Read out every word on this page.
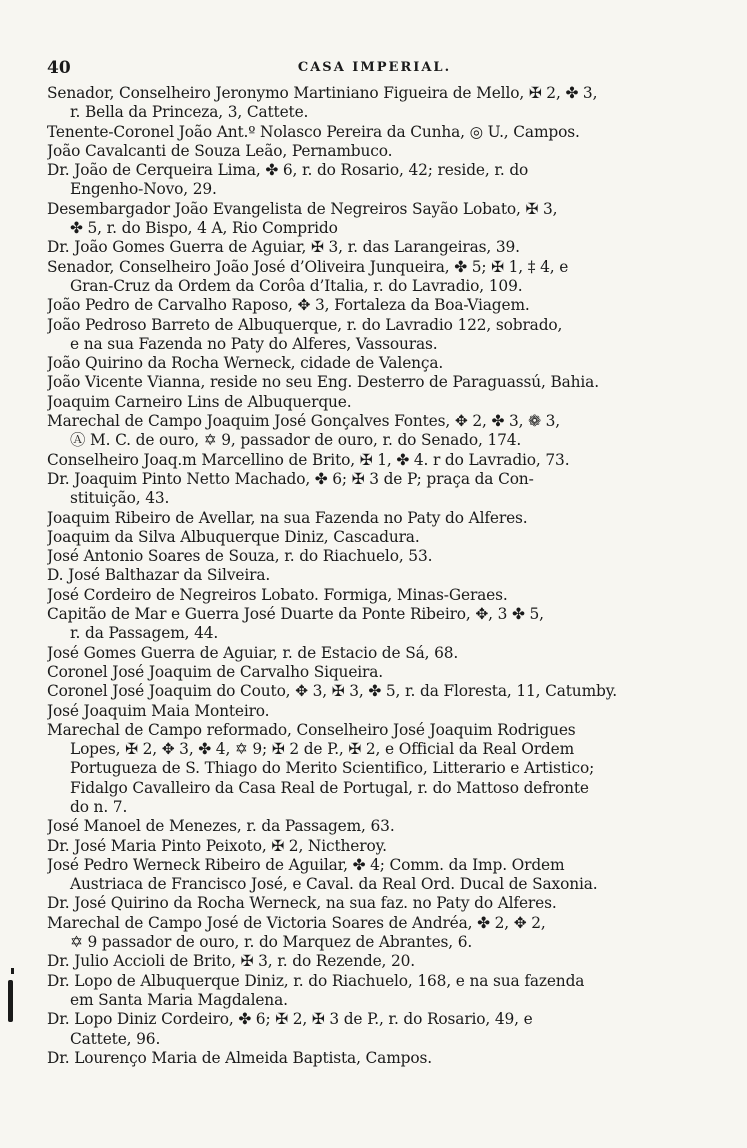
40	CASA IMPERIAL.
Senador, Conselheiro Jeronymo Martiniano Figueira de Mello, ✠ 2, ✤ 3,
r. Bella da Princeza, 3, Cattete.
Tenente-Coronel João Ant.º Nolasco Pereira da Cunha, ◎ U., Campos.
João Cavalcanti de Souza Leão, Pernambuco.
Dr. João de Cerqueira Lima, ✤ 6, r. do Rosario, 42; reside, r. do
Engenho-Novo, 29.
Desembargador João Evangelista de Negreiros Sayão Lobato, ✠ 3,
✤ 5, r. do Bispo, 4 A, Rio Comprido
Dr. João Gomes Guerra de Aguiar, ✠ 3, r. das Larangeiras, 39.
Senador, Conselheiro João José d’Oliveira Junqueira, ✤ 5; ✠ 1, ‡ 4, e
Gran-Cruz da Ordem da Corôa d’Italia, r. do Lavradio, 109.
João Pedro de Carvalho Raposo, ✥ 3, Fortaleza da Boa-Viagem.
João Pedroso Barreto de Albuquerque, r. do Lavradio 122, sobrado,
e na sua Fazenda no Paty do Alferes, Vassouras.
João Quirino da Rocha Werneck, cidade de Valença.
João Vicente Vianna, reside no seu Eng. Desterro de Paraguassú, Bahia.
Joaquim Carneiro Lins de Albuquerque.
Marechal de Campo Joaquim José Gonçalves Fontes, ✥ 2, ✤ 3, ❁ 3,
Ⓐ M. C. de ouro, ✡ 9, passador de ouro, r. do Senado, 174.
Conselheiro Joaq.m Marcellino de Brito, ✠ 1, ✤ 4. r do Lavradio, 73.
Dr. Joaquim Pinto Netto Machado, ✤ 6; ✠ 3 de P; praça da Con-
stituição, 43.
Joaquim Ribeiro de Avellar, na sua Fazenda no Paty do Alferes.
Joaquim da Silva Albuquerque Diniz, Cascadura.
José Antonio Soares de Souza, r. do Riachuelo, 53.
D. José Balthazar da Silveira.
José Cordeiro de Negreiros Lobato. Formiga, Minas-Geraes.
Capitão de Mar e Guerra José Duarte da Ponte Ribeiro, ✥, 3 ✤ 5,
r. da Passagem, 44.
José Gomes Guerra de Aguiar, r. de Estacio de Sá, 68.
Coronel José Joaquim de Carvalho Siqueira.
Coronel José Joaquim do Couto, ✥ 3, ✠ 3, ✤ 5, r. da Floresta, 11, Catumby.
José Joaquim Maia Monteiro.
Marechal de Campo reformado, Conselheiro José Joaquim Rodrigues
Lopes, ✠ 2, ✥ 3, ✤ 4, ✡ 9; ✠ 2 de P., ✠ 2, e Official da Real Ordem
Portugueza de S. Thiago do Merito Scientifico, Litterario e Artistico;
Fidalgo Cavalleiro da Casa Real de Portugal, r. do Mattoso defronte
do n. 7.
José Manoel de Menezes, r. da Passagem, 63.
Dr. José Maria Pinto Peixoto, ✠ 2, Nictheroy.
José Pedro Werneck Ribeiro de Aguilar, ✤ 4; Comm. da Imp. Ordem
Austriaca de Francisco José, e Caval. da Real Ord. Ducal de Saxonia.
Dr. José Quirino da Rocha Werneck, na sua faz. no Paty do Alferes.
Marechal de Campo José de Victoria Soares de Andréa, ✤ 2, ✥ 2,
✡ 9 passador de ouro, r. do Marquez de Abrantes, 6.
Dr. Julio Accioli de Brito, ✠ 3, r. do Rezende, 20.
Dr. Lopo de Albuquerque Diniz, r. do Riachuelo, 168, e na sua fazenda
em Santa Maria Magdalena.
Dr. Lopo Diniz Cordeiro, ✤ 6; ✠ 2, ✠ 3 de P., r. do Rosario, 49, e
Cattete, 96.
Dr. Lourenço Maria de Almeida Baptista, Campos.
